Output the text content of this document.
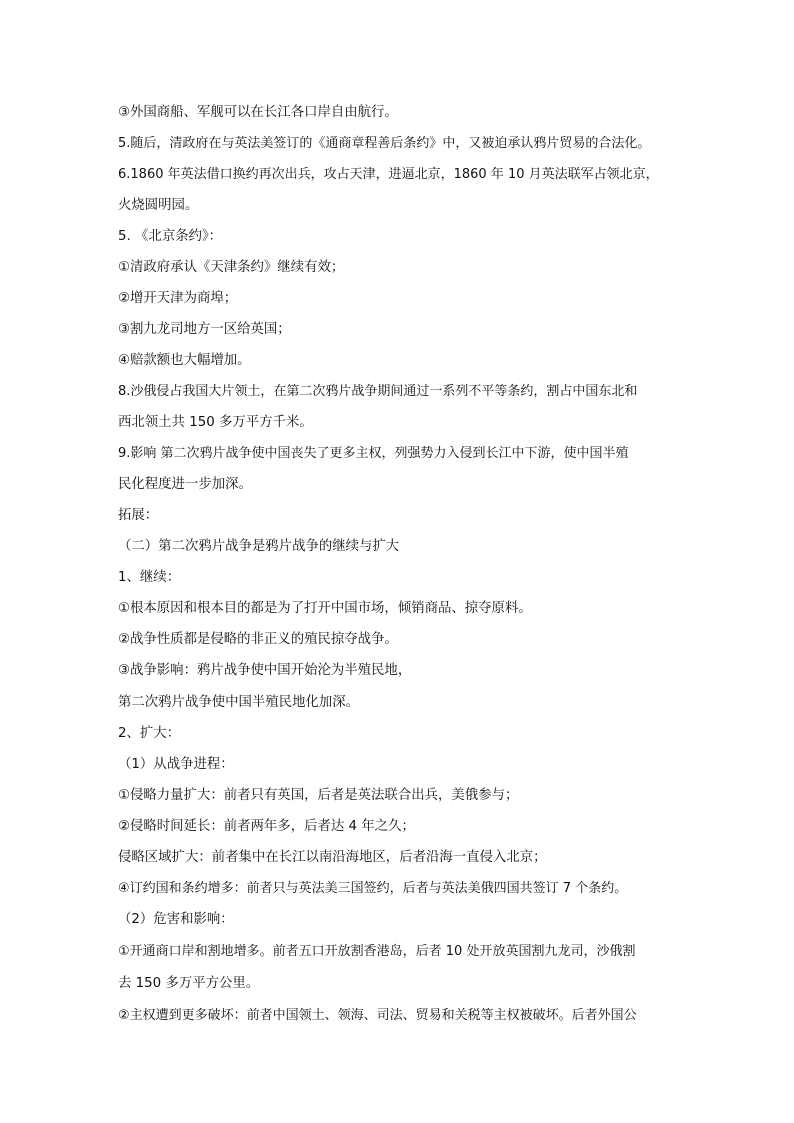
③外国商船、军舰可以在长江各口岸自由航行。
5.随后，清政府在与英法美签订的《通商章程善后条约》中，又被迫承认鸦片贸易的合法化。
6.1860 年英法借口换约再次出兵，攻占天津，进逼北京，1860 年 10 月英法联军占领北京，
火烧圆明园。
5. 《北京条约》：
①清政府承认《天津条约》继续有效；
②增开天津为商埠；
③割九龙司地方一区给英国；
④赔款额也大幅增加。
8.沙俄侵占我国大片领土，在第二次鸦片战争期间通过一系列不平等条约，割占中国东北和
西北领土共 150 多万平方千米。
9.影响 第二次鸦片战争使中国丧失了更多主权，列强势力入侵到长江中下游，使中国半殖
民化程度进一步加深。
拓展：
（二）第二次鸦片战争是鸦片战争的继续与扩大
1、继续：
①根本原因和根本目的都是为了打开中国市场，倾销商品、掠夺原料。
②战争性质都是侵略的非正义的殖民掠夺战争。
③战争影响：鸦片战争使中国开始沦为半殖民地，
第二次鸦片战争使中国半殖民地化加深。
2、扩大：
（1）从战争进程：
①侵略力量扩大：前者只有英国，后者是英法联合出兵，美俄参与；
②侵略时间延长：前者两年多，后者达 4 年之久；
侵略区域扩大：前者集中在长江以南沿海地区，后者沿海一直侵入北京；
④订约国和条约增多：前者只与英法美三国签约，后者与英法美俄四国共签订 7 个条约。
（2）危害和影响：
①开通商口岸和割地增多。前者五口开放割香港岛，后者 10 处开放英国割九龙司，沙俄割
去 150 多万平方公里。
②主权遭到更多破坏：前者中国领土、领海、司法、贸易和关税等主权被破坏。后者外国公
